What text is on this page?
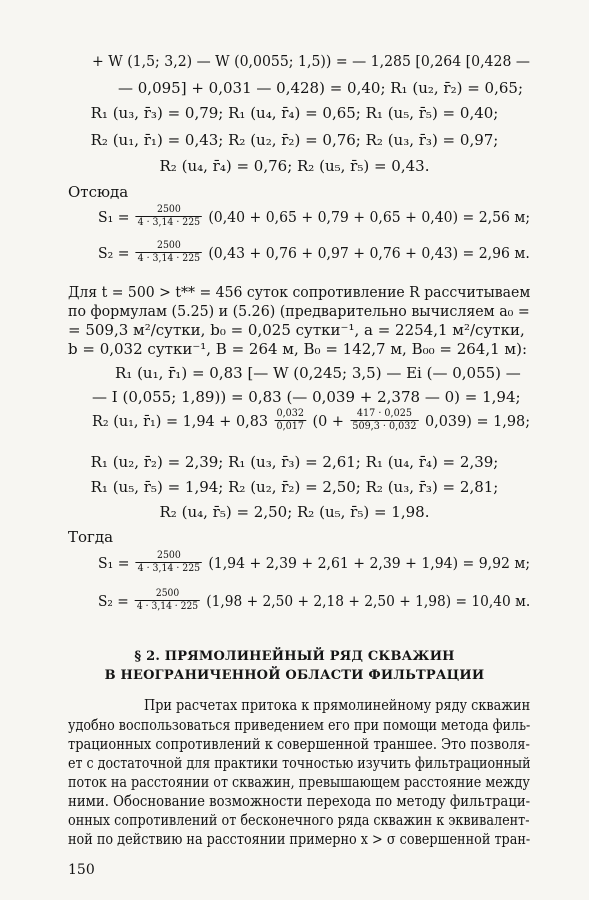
+ W (1,5; 3,2) — W (0,0055; 1,5)) = — 1,285 [0,264 [0,428 —
— 0,095] + 0,031 — 0,428) = 0,40; R₁ (u₂, r̄₂) = 0,65;
R₁ (u₃, r̄₃) = 0,79; R₁ (u₄, r̄₄) = 0,65; R₁ (u₅, r̄₅) = 0,40;
R₂ (u₁, r̄₁) = 0,43; R₂ (u₂, r̄₂) = 0,76; R₂ (u₃, r̄₃) = 0,97;
R₂ (u₄, r̄₄) = 0,76; R₂ (u₅, r̄₅) = 0,43.
Отсюда
$S_1 = \frac{2500}{4 \cdot 3,14 \cdot 225} (0,40 + 0,65 + 0,79 + 0,65 + 0,40) = 2,56$ м;
$S_2 = \frac{2500}{4 \cdot 3,14 \cdot 225} (0,43 + 0,76 + 0,97 + 0,76 + 0,43) = 2,96$ м.
Для t = 500 > t** = 456 суток сопротивление R рассчитываем
по формулам (5.25) и (5.26) (предварительно вычисляем a₀ =
= 509,3 м²/сутки, b₀ = 0,025 сутки⁻¹, a = 2254,1 м²/сутки,
b = 0,032 сутки⁻¹, B = 264 м, B₀ = 142,7 м, B₀₀ = 264,1 м):
R₁ (u₁, r̄₁) = 0,83 [— W (0,245; 3,5) — Ei (— 0,055) —
— I (0,055; 1,89)) = 0,83 (— 0,039 + 2,378 — 0) = 1,94;
R₂ (u₁, r̄₁) = $1,94 + 0,83 \frac{0,032}{0,017} (0 + \frac{417 \cdot 0,025}{509,3 \cdot 0,032} 0,039) = 1,98$;
R₁ (u₂, r̄₂) = 2,39; R₁ (u₃, r̄₃) = 2,61; R₁ (u₄, r̄₄) = 2,39;
R₁ (u₅, r̄₅) = 1,94; R₂ (u₂, r̄₂) = 2,50; R₂ (u₃, r̄₃) = 2,81;
R₂ (u₄, r̄₅) = 2,50; R₂ (u₅, r̄₅) = 1,98.
Тогда
$S_1 = \frac{2500}{4 \cdot 3,14 \cdot 225} (1,94 + 2,39 + 2,61 + 2,39 + 1,94) = 9,92$ м;
$S_2 = \frac{2500}{4 \cdot 3,14 \cdot 225} (1,98 + 2,50 + 2,18 + 2,50 + 1,98) = 10,40$ м.
§ 2. ПРЯМОЛИНЕЙНЫЙ РЯД СКВАЖИН
В НЕОГРАНИЧЕННОЙ ОБЛАСТИ ФИЛЬТРАЦИИ
При расчетах притока к прямолинейному ряду скважин
удобно воспользоваться приведением его при помощи метода филь-
трационных сопротивлений к совершенной траншее. Это позволя-
ет с достаточной для практики точностью изучить фильтрационный
поток на расстоянии от скважин, превышающем расстояние между
ними. Обоснование возможности перехода по методу фильтраци-
онных сопротивлений от бесконечного ряда скважин к эквивалент-
ной по действию на расстоянии примерно x > σ совершенной тран-
150
